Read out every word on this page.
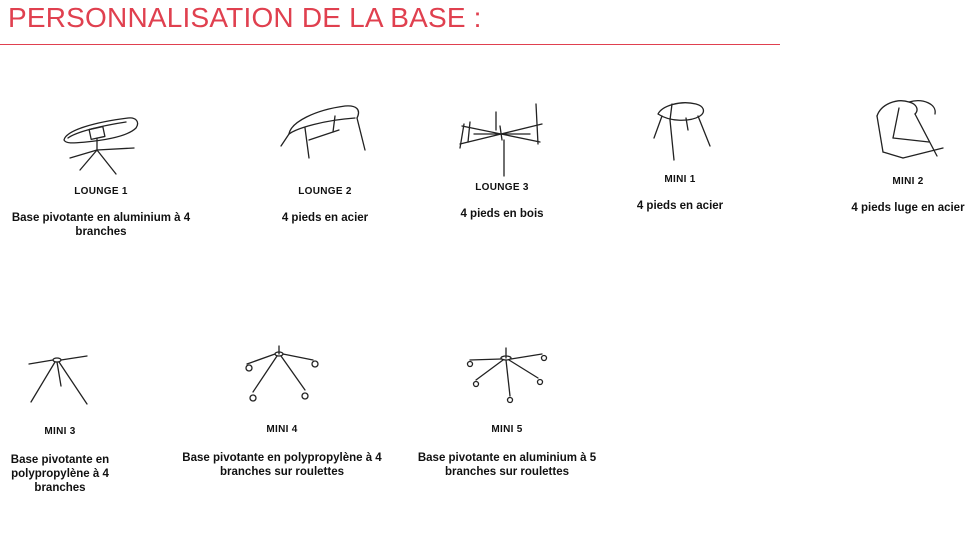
PERSONNALISATION DE LA BASE :
LOUNGE 1
Base pivotante en aluminium à 4 branches
LOUNGE 2
4 pieds en acier
LOUNGE 3
4 pieds en bois
MINI 1
4 pieds en acier
MINI 2
4 pieds luge en acier
MINI 3
Base pivotante en polypropylène à 4 branches
MINI 4
Base pivotante en polypropylène à 4 branches sur roulettes
MINI 5
Base pivotante en aluminium à 5 branches sur roulettes
